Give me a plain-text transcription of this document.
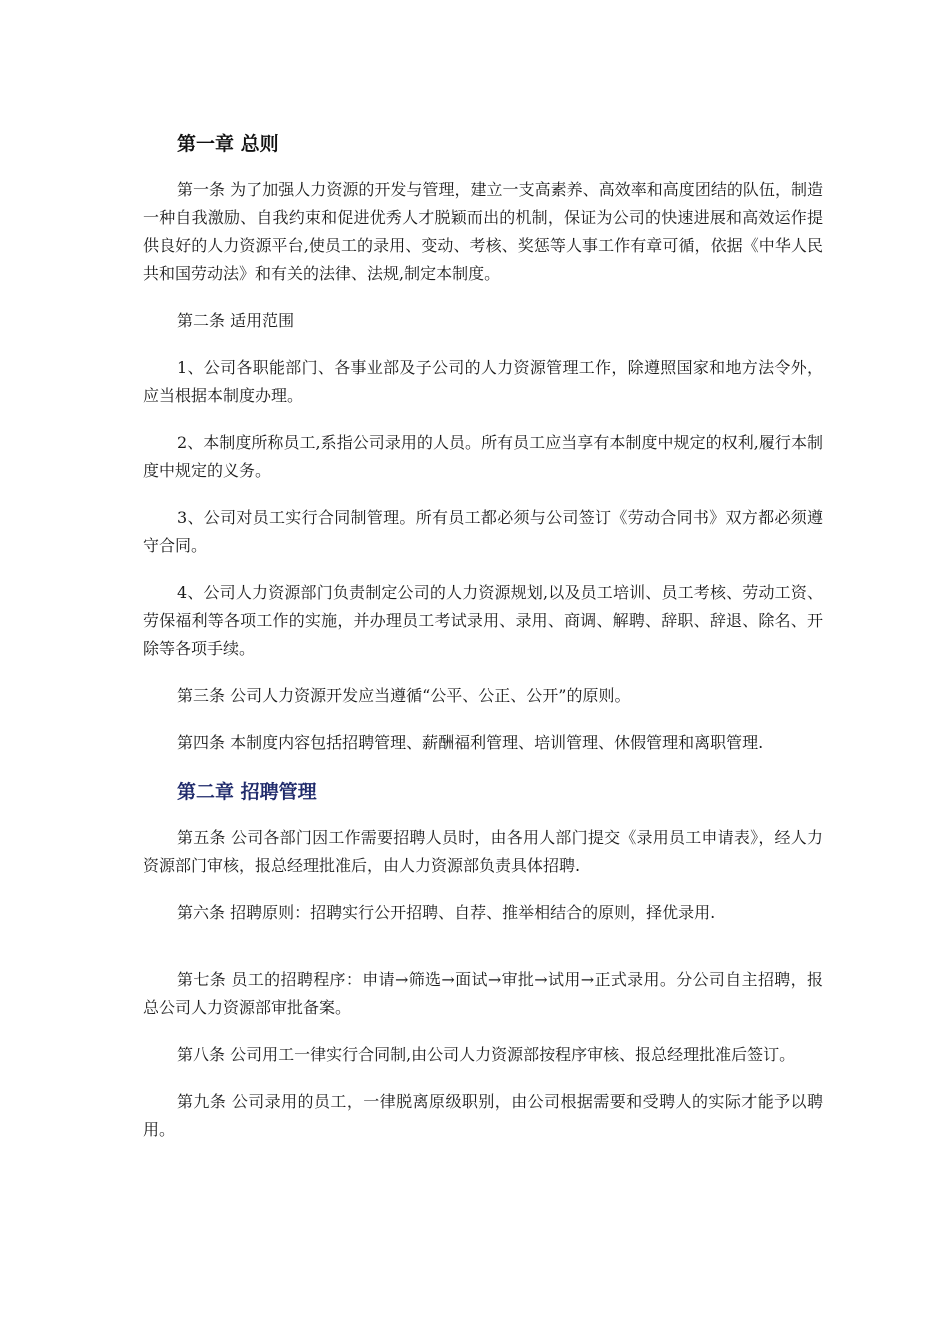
第一章 总则

第一条 为了加强人力资源的开发与管理，建立一支高素养、高效率和高度团结的队伍，制造一种自我激励、自我约束和促进优秀人才脱颖而出的机制，保证为公司的快速进展和高效运作提供良好的人力资源平台,使员工的录用、变动、考核、奖惩等人事工作有章可循，依据《中华人民共和国劳动法》和有关的法律、法规,制定本制度。

第二条 适用范围

1、公司各职能部门、各事业部及子公司的人力资源管理工作，除遵照国家和地方法令外，应当根据本制度办理。

2、本制度所称员工,系指公司录用的人员。所有员工应当享有本制度中规定的权利,履行本制度中规定的义务。

3、公司对员工实行合同制管理。所有员工都必须与公司签订《劳动合同书》双方都必须遵守合同。

4、公司人力资源部门负责制定公司的人力资源规划,以及员工培训、员工考核、劳动工资、劳保福利等各项工作的实施，并办理员工考试录用、录用、商调、解聘、辞职、辞退、除名、开除等各项手续。

第三条 公司人力资源开发应当遵循“公平、公正、公开”的原则。

第四条 本制度内容包括招聘管理、薪酬福利管理、培训管理、休假管理和离职管理.

第二章 招聘管理

第五条 公司各部门因工作需要招聘人员时，由各用人部门提交《录用员工申请表》，经人力资源部门审核，报总经理批准后，由人力资源部负责具体招聘.

第六条 招聘原则：招聘实行公开招聘、自荐、推举相结合的原则，择优录用.

第七条 员工的招聘程序：申请→筛选→面试→审批→试用→正式录用。分公司自主招聘，报总公司人力资源部审批备案。

第八条 公司用工一律实行合同制,由公司人力资源部按程序审核、报总经理批准后签订。

第九条 公司录用的员工，一律脱离原级职别，由公司根据需要和受聘人的实际才能予以聘用。
